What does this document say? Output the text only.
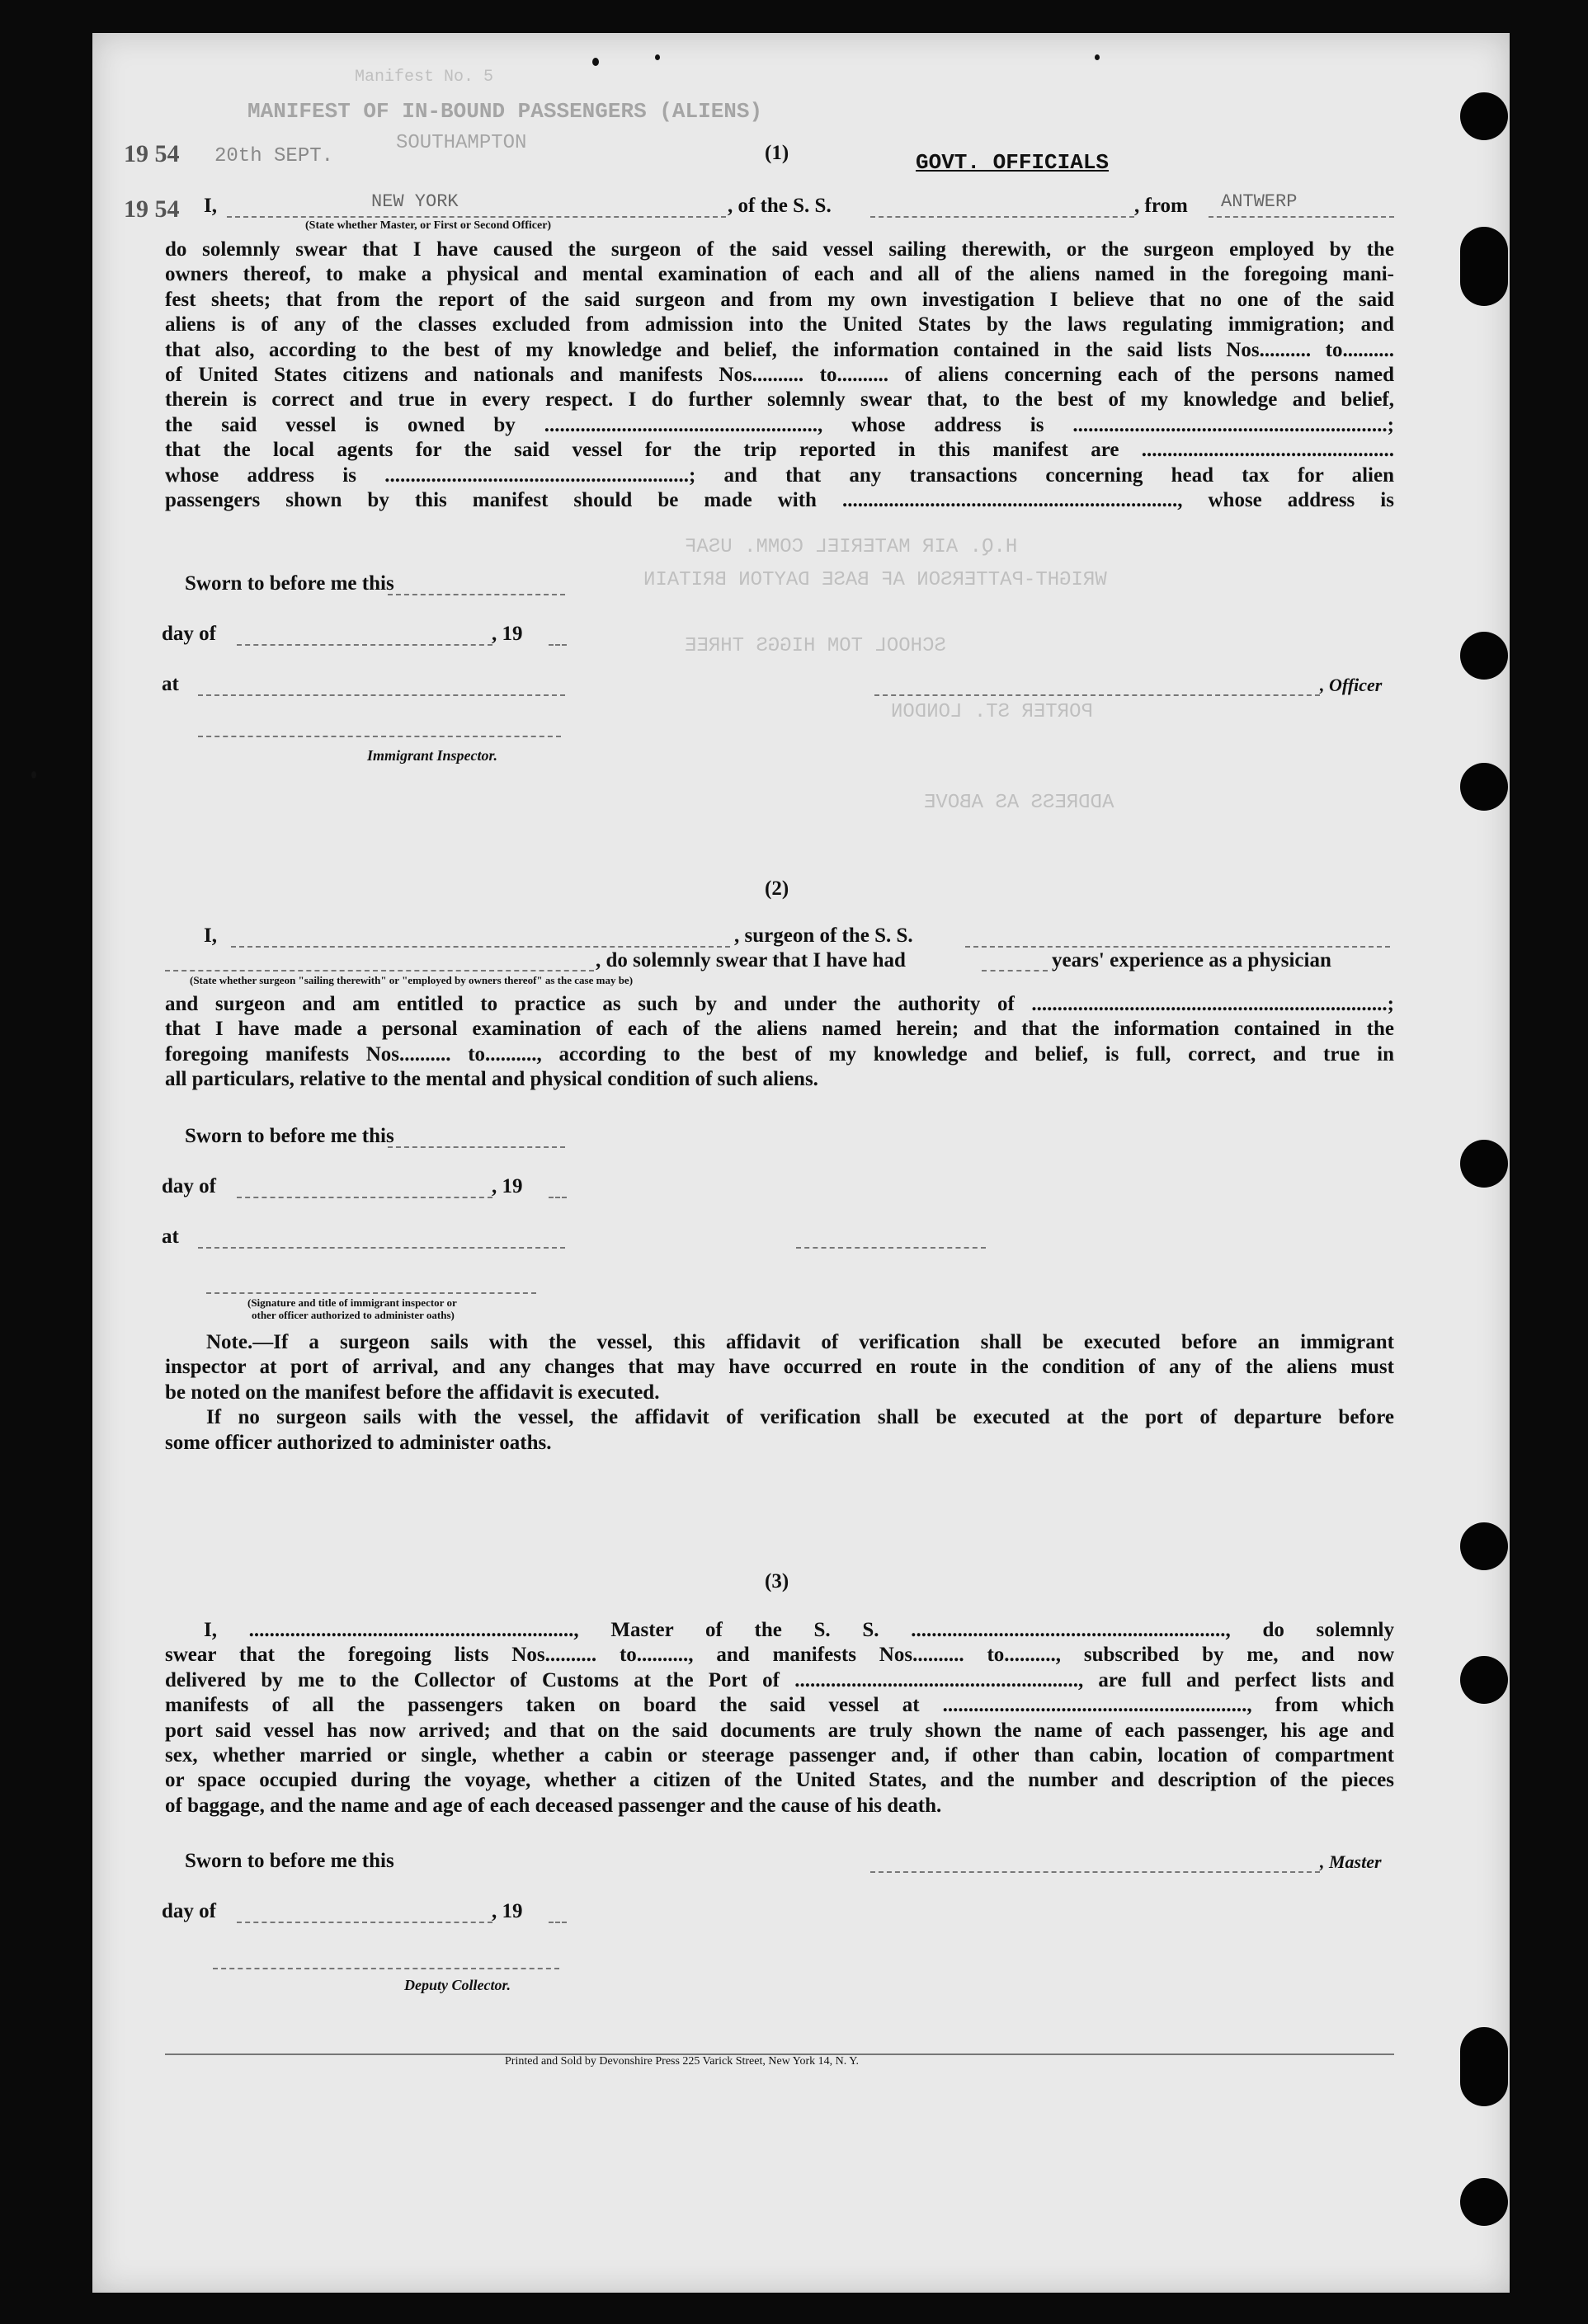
Manifest No. 5
MANIFEST OF IN-BOUND PASSENGERS (ALIENS)
SOUTHAMPTON
19 54
19 54
20th SEPT.	GOVT. OFFICIALS
(1)
I,	NEW YORK	, of the S. S.	, from ANTWERP
(State whether Master, or First or Second Officer)
do solemnly swear that I have caused the surgeon of the said vessel sailing therewith, or the surgeon employed by the
owners thereof, to make a physical and mental examination of each and all of the aliens named in the foregoing mani-
fest sheets; that from the report of the said surgeon and from my own investigation I believe that no one of the said
aliens is of any of the classes excluded from admission into the United States by the laws regulating immigration; and
that also, according to the best of my knowledge and belief, the information contained in the said lists Nos.......... to..........
of United States citizens and nationals and manifests Nos.......... to.......... of aliens concerning each of the persons named
therein is correct and true in every respect. I do further solemnly swear that, to the best of my knowledge and belief,
the said vessel is owned by ....................................................., whose address is .............................................................;
that the local agents for the said vessel for the trip reported in this manifest are .................................................
whose address is ...........................................................; and that any transactions concerning head tax for alien
passengers shown by this manifest should be made with ................................................................., whose address is
Sworn to before me this
day of	, 19
at	, Officer
Immigrant Inspector.
H.Q. AIR MATERIEL COMM. USAF
WRIGHT-PATTERSON AF BASE DAYTON BRITAIN
SCHOOL TOM HIGGS THREE
PORTER ST. LONDON
ADDRESS AS ABOVE
(2)
I,	, surgeon of the S. S.
, do solemnly swear that I have had	years' experience as a physician
(State whether surgeon "sailing therewith" or "employed by owners thereof" as the case may be)
and surgeon and am entitled to practice as such by and under the authority of .....................................................................;
that I have made a personal examination of each of the aliens named herein; and that the information contained in the
foregoing manifests Nos.......... to.........., according to the best of my knowledge and belief, is full, correct, and true in
all particulars, relative to the mental and physical condition of such aliens.
Sworn to before me this
day of	, 19
at
(Signature and title of immigrant inspector or
other officer authorized to administer oaths)
Note.—If a surgeon sails with the vessel, this affidavit of verification shall be executed before an immigrant
inspector at port of arrival, and any changes that may have occurred en route in the condition of any of the aliens must
be noted on the manifest before the affidavit is executed.
If no surgeon sails with the vessel, the affidavit of verification shall be executed at the port of departure before
some officer authorized to administer oaths.
(3)
I, ..............................................................., Master of the S. S. ............................................................., do solemnly
swear that the foregoing lists Nos.......... to.........., and manifests Nos.......... to.........., subscribed by me, and now
delivered by me to the Collector of Customs at the Port of ......................................................., are full and perfect lists and
manifests of all the passengers taken on board the said vessel at ..........................................................., from which
port said vessel has now arrived; and that on the said documents are truly shown the name of each passenger, his age and
sex, whether married or single, whether a cabin or steerage passenger and, if other than cabin, location of compartment
or space occupied during the voyage, whether a citizen of the United States, and the number and description of the pieces
of baggage, and the name and age of each deceased passenger and the cause of his death.
Sworn to before me this	, Master
day of	, 19
Deputy Collector.
Printed and Sold by Devonshire Press 225 Varick Street, New York 14, N. Y.
